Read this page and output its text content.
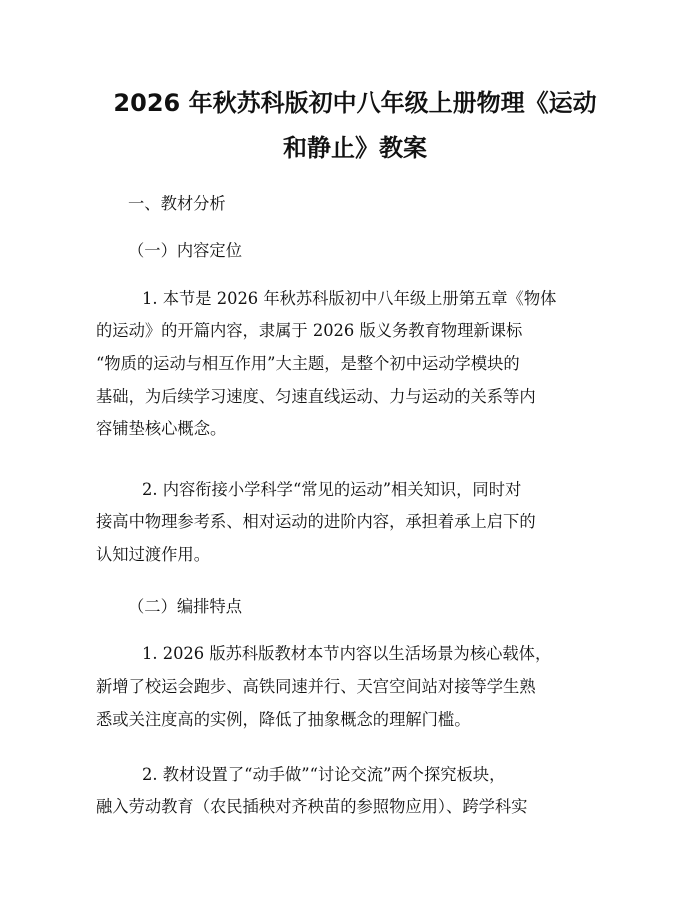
2026 年秋苏科版初中八年级上册物理《运动
和静止》教案
一、教材分析
（一）内容定位
1. 本节是 2026 年秋苏科版初中八年级上册第五章《物体
的运动》的开篇内容，隶属于 2026 版义务教育物理新课标
“物质的运动与相互作用”大主题，是整个初中运动学模块的
基础，为后续学习速度、匀速直线运动、力与运动的关系等内
容铺垫核心概念。
2. 内容衔接小学科学“常见的运动”相关知识，同时对
接高中物理参考系、相对运动的进阶内容，承担着承上启下的
认知过渡作用。
（二）编排特点
1. 2026 版苏科版教材本节内容以生活场景为核心载体，
新增了校运会跑步、高铁同速并行、天宫空间站对接等学生熟
悉或关注度高的实例，降低了抽象概念的理解门槛。
2. 教材设置了“动手做”“讨论交流”两个探究板块，
融入劳动教育（农民插秧对齐秧苗的参照物应用）、跨学科实
